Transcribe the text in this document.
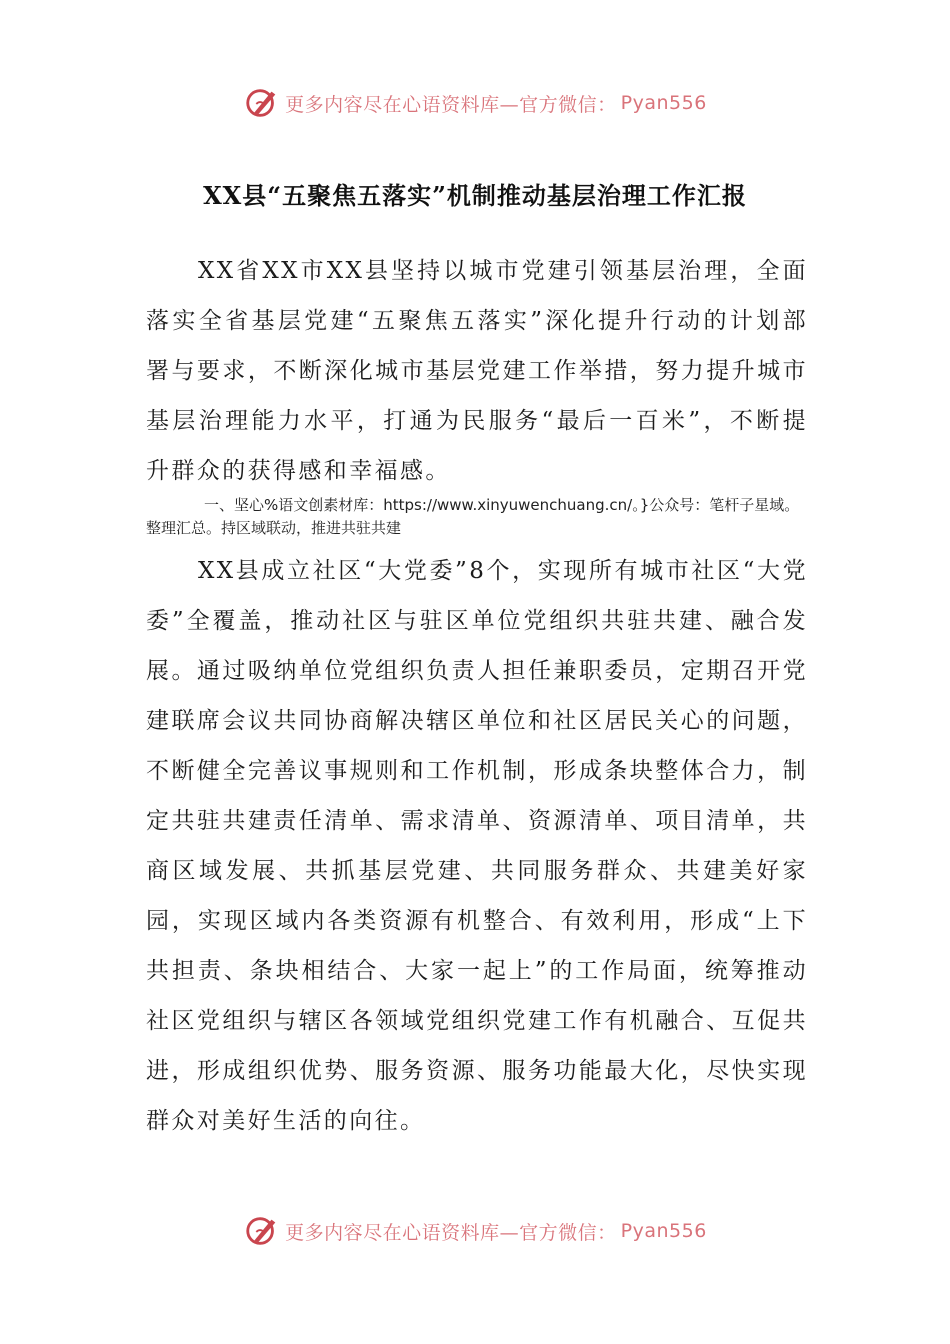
更多内容尽在心语资料库—官方微信： Pyan556
XX县“五聚焦五落实”机制推动基层治理工作汇报

XX省XX市XX县坚持以城市党建引领基层治理，全面落实全省基层党建“五聚焦五落实”深化提升行动的计划部署与要求，不断深化城市基层党建工作举措，努力提升城市基层治理能力水平，打通为民服务“最后一百米”，不断提升群众的获得感和幸福感。

一、坚心%语文创素材库：https://www.xinyuwenchuang.cn/。}公众号：笔杆子星域。整理汇总。持区域联动，推进共驻共建

XX县成立社区“大党委”8个，实现所有城市社区“大党委”全覆盖，推动社区与驻区单位党组织共驻共建、融合发展。通过吸纳单位党组织负责人担任兼职委员，定期召开党建联席会议共同协商解决辖区单位和社区居民关心的问题，不断健全完善议事规则和工作机制，形成条块整体合力，制定共驻共建责任清单、需求清单、资源清单、项目清单，共商区域发展、共抓基层党建、共同服务群众、共建美好家园，实现区域内各类资源有机整合、有效利用，形成“上下共担责、条块相结合、大家一起上”的工作局面，统筹推动社区党组织与辖区各领域党组织党建工作有机融合、互促共进，形成组织优势、服务资源、服务功能最大化，尽快实现群众对美好生活的向往。

更多内容尽在心语资料库—官方微信： Pyan556
